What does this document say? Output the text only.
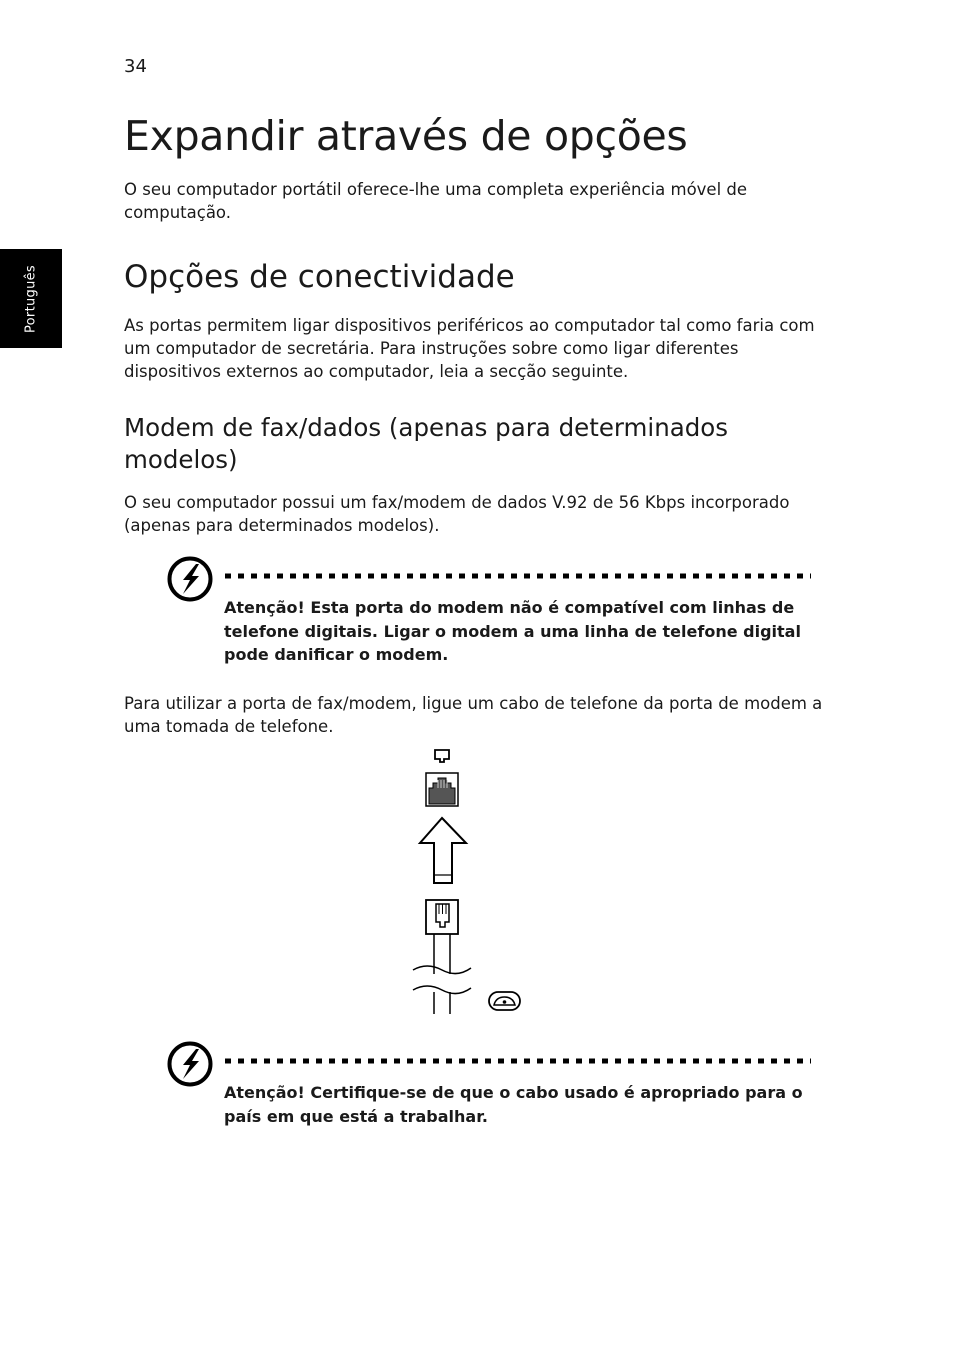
34
Português
Expandir através de opções

O seu computador portátil oferece-lhe uma completa experiência móvel de computação.

Opções de conectividade

As portas permitem ligar dispositivos periféricos ao computador tal como faria com um computador de secretária. Para instruções sobre como ligar diferentes dispositivos externos ao computador, leia a secção seguinte.

Modem de fax/dados (apenas para determinados modelos)

O seu computador possui um fax/modem de dados V.92 de 56 Kbps incorporado (apenas para determinados modelos).

Atenção! Esta porta do modem não é compatível com linhas de telefone digitais. Ligar o modem a uma linha de telefone digital pode danificar o modem.

Para utilizar a porta de fax/modem, ligue um cabo de telefone da porta de modem a uma tomada de telefone.

Atenção! Certifique-se de que o cabo usado é apropriado para o país em que está a trabalhar.
